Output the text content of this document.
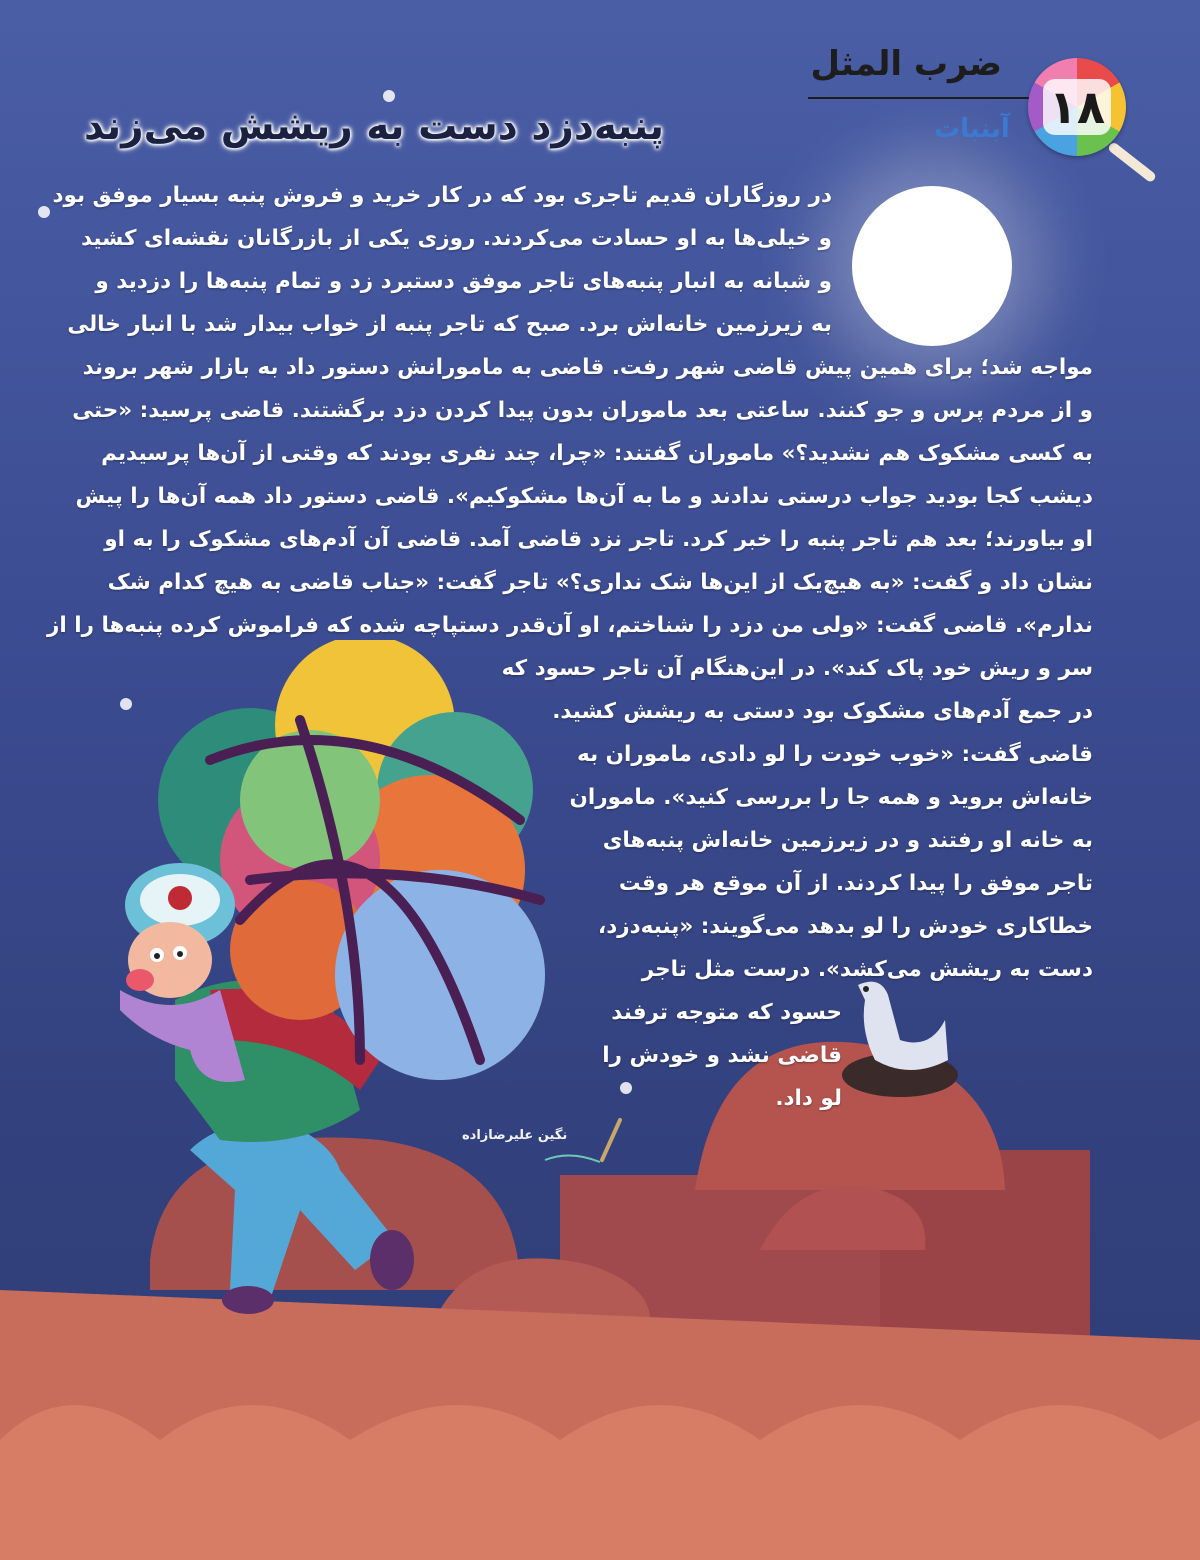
ضرب المثل
۱۸
آبنبات
پنبه‌دزد دست به ریشش می‌زند
در روزگاران قدیم تاجری بود که در کار خرید و فروش پنبه بسیار موفق بود
و خیلی‌ها به او حسادت می‌کردند. روزی یکی از بازرگانان نقشه‌ای کشید
و شبانه به انبار پنبه‌های تاجر موفق دستبرد زد و تمام پنبه‌ها را دزدید و
به زیرزمین خانه‌اش برد. صبح که تاجر پنبه از خواب بیدار شد با انبار خالی
مواجه شد؛ برای همین پیش قاضی شهر رفت. قاضی به مامورانش دستور داد به بازار شهر بروند
و از مردم پرس و جو کنند. ساعتی بعد ماموران بدون پیدا کردن دزد برگشتند. قاضی پرسید: «حتی
به کسی مشکوک هم نشدید؟» ماموران گفتند: «چرا، چند نفری بودند که وقتی از آن‌ها پرسیدیم
دیشب کجا بودید جواب درستی ندادند و ما به آن‌ها مشکوکیم». قاضی دستور داد همه آن‌ها را پیش
او بیاورند؛ بعد هم تاجر پنبه را خبر کرد. تاجر نزد قاضی آمد. قاضی آن آدم‌های مشکوک را به او
نشان داد و گفت: «به هیچ‌یک از این‌ها شک نداری؟» تاجر گفت: «جناب قاضی به هیچ کدام شک
ندارم». قاضی گفت: «ولی من دزد را شناختم، او آن‌قدر دستپاچه شده که فراموش کرده پنبه‌ها را از
سر و ریش خود پاک کند». در این‌هنگام آن تاجر حسود که
در جمع آدم‌های مشکوک بود دستی به ریشش کشید.
قاضی گفت: «خوب خودت را لو دادی، ماموران به
خانه‌اش بروید و همه جا را بررسی کنید». ماموران
به خانه او رفتند و در زیرزمین خانه‌اش پنبه‌های
تاجر موفق را پیدا کردند. از آن موقع هر وقت
خطاکاری خودش را لو بدهد می‌گویند: «پنبه‌دزد،
دست به ریشش می‌کشد». درست مثل تاجر
حسود که متوجه ترفند
قاضی نشد و خودش را
لو داد.
نگین علیرضازاده
